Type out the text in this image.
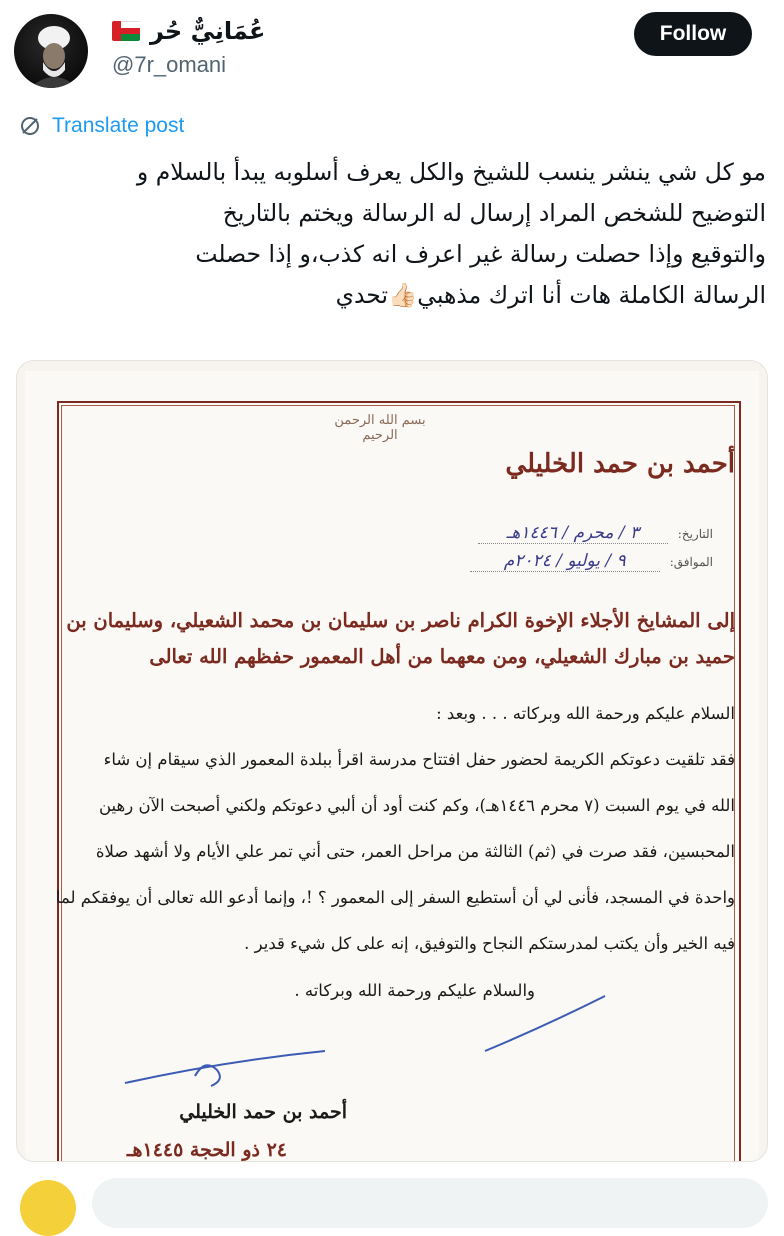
عُمَانِيٌّ حُر
@7r_omani
Follow
Translate post
مو كل شي ينشر ينسب للشيخ والكل يعرف أسلوبه يبدأ بالسلام و
التوضيح للشخص المراد إرسال له الرسالة ويختم بالتاريخ
والتوقيع وإذا حصلت رسالة غير اعرف انه كذب،و إذا حصلت
الرسالة الكاملة هات أنا اترك مذهبي👍🏻تحدي
بسم الله الرحمن الرحيم
أحمد بن حمد الخليلي
التاريخ:
٣ / محرم / ١٤٤٦هـ
الموافق:
٩ / يوليو / ٢٠٢٤م
إلى المشايخ الأجلاء الإخوة الكرام ناصر بن سليمان بن محمد الشعيلي، وسليمان بن
حميد بن مبارك الشعيلي، ومن معهما من أهل المعمور حفظهم الله تعالى
السلام عليكم ورحمة الله وبركاته . . . وبعد :
فقد تلقيت دعوتكم الكريمة لحضور حفل افتتاح مدرسة اقرأ ببلدة المعمور الذي سيقام إن شاء
الله في يوم السبت (٧ محرم ١٤٤٦هـ)، وكم كنت أود أن ألبي دعوتكم ولكني أصبحت الآن رهين
المحبسين، فقد صرت في (ثم) الثالثة من مراحل العمر، حتى أني تمر علي الأيام ولا أشهد صلاة
واحدة في المسجد، فأنى لي أن أستطيع السفر إلى المعمور ؟ !، وإنما أدعو الله تعالى أن يوفقكم لما
فيه الخير وأن يكتب لمدرستكم النجاح والتوفيق، إنه على كل شيء قدير .
والسلام عليكم ورحمة الله وبركاته .
أحمد بن حمد الخليلي
٢٤ ذو الحجة ١٤٤٥هـ
